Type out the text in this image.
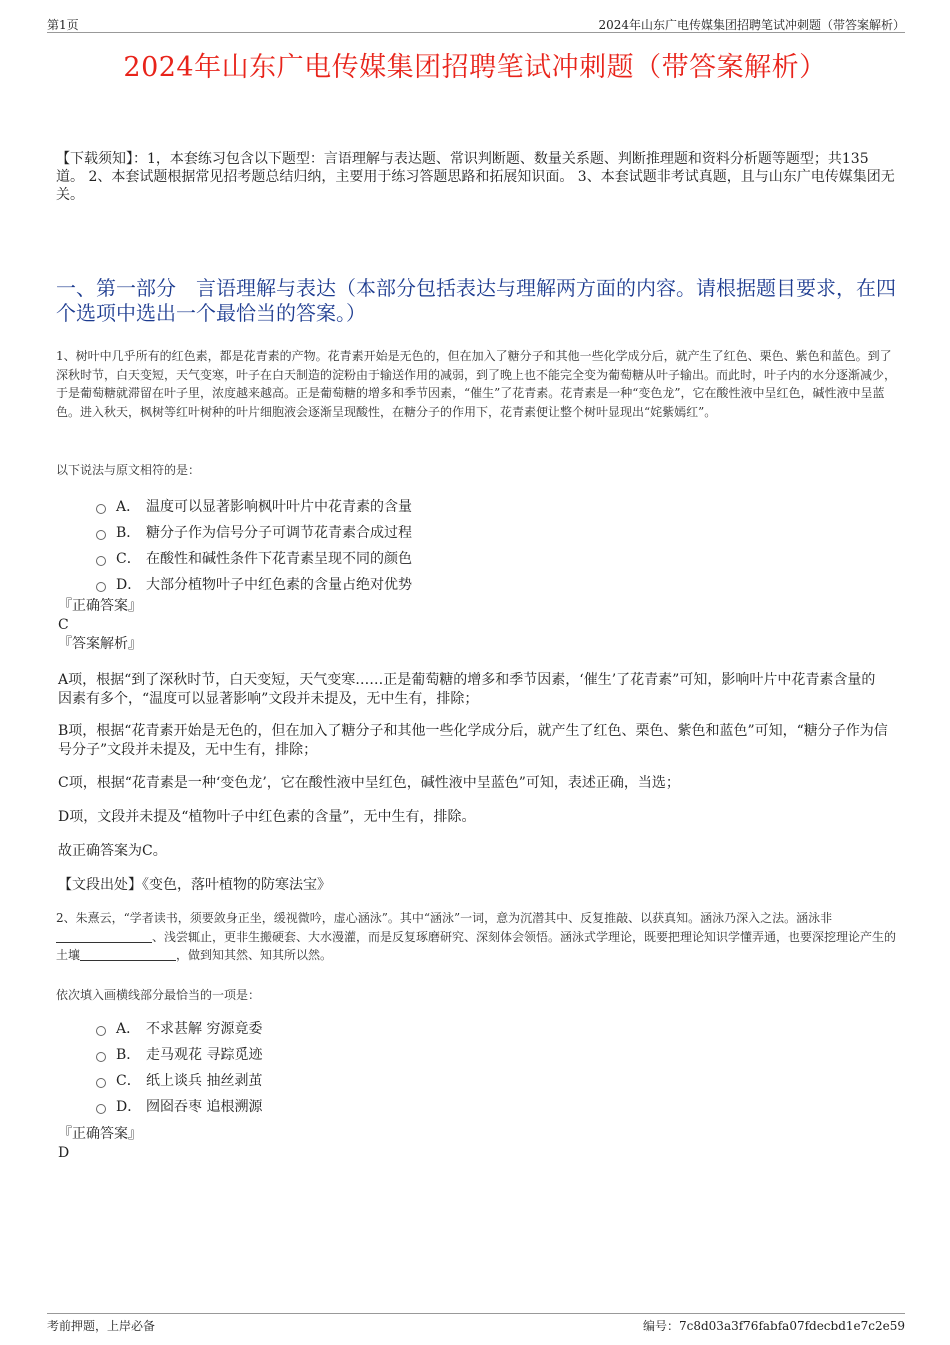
第1页	2024年山东广电传媒集团招聘笔试冲刺题（带答案解析）
2024年山东广电传媒集团招聘笔试冲刺题（带答案解析）
【下载须知】：1，本套练习包含以下题型：言语理解与表达题、常识判断题、数量关系题、判断推理题和资料分析题等题型；共135道。 2、本套试题根据常见招考题总结归纳，主要用于练习答题思路和拓展知识面。 3、本套试题非考试真题，且与山东广电传媒集团无关。
一、第一部分　言语理解与表达（本部分包括表达与理解两方面的内容。请根据题目要求，在四个选项中选出一个最恰当的答案。）
1、树叶中几乎所有的红色素，都是花青素的产物。花青素开始是无色的，但在加入了糖分子和其他一些化学成分后，就产生了红色、栗色、紫色和蓝色。到了深秋时节，白天变短，天气变寒，叶子在白天制造的淀粉由于输送作用的减弱，到了晚上也不能完全变为葡萄糖从叶子输出。而此时，叶子内的水分逐渐减少，于是葡萄糖就滞留在叶子里，浓度越来越高。正是葡萄糖的增多和季节因素，“催生”了花青素。花青素是一种“变色龙”，它在酸性液中呈红色，碱性液中呈蓝色。进入秋天，枫树等红叶树种的叶片细胞液会逐渐呈现酸性，在糖分子的作用下，花青素便让整个树叶显现出“姹紫嫣红”。
以下说法与原文相符的是：
A． 温度可以显著影响枫叶叶片中花青素的含量
B． 糖分子作为信号分子可调节花青素合成过程
C． 在酸性和碱性条件下花青素呈现不同的颜色
D． 大部分植物叶子中红色素的含量占绝对优势
『正确答案』
C
『答案解析』
A项，根据“到了深秋时节，白天变短，天气变寒……正是葡萄糖的增多和季节因素，‘催生’了花青素”可知，影响叶片中花青素含量的因素有多个，“温度可以显著影响”文段并未提及，无中生有，排除；
B项，根据“花青素开始是无色的，但在加入了糖分子和其他一些化学成分后，就产生了红色、栗色、紫色和蓝色”可知，“糖分子作为信号分子”文段并未提及，无中生有，排除；
C项，根据“花青素是一种‘变色龙’，它在酸性液中呈红色，碱性液中呈蓝色”可知，表述正确，当选；
D项，文段并未提及“植物叶子中红色素的含量”，无中生有，排除。
故正确答案为C。
【文段出处】《变色，落叶植物的防寒法宝》
2、朱熹云，“学者读书，须要敛身正坐，缓视微吟，虚心涵泳”。其中“涵泳”一词，意为沉潜其中、反复推敲、以获真知。涵泳乃深入之法。涵泳非、浅尝辄止，更非生搬硬套、大水漫灌，而是反复琢磨研究、深刻体会领悟。涵泳式学理论，既要把理论知识学懂弄通，也要深挖理论产生的土壤	，做到知其然、知其所以然。
依次填入画横线部分最恰当的一项是：
A． 不求甚解 穷源竟委
B． 走马观花 寻踪觅迹
C． 纸上谈兵 抽丝剥茧
D． 囫囵吞枣 追根溯源
『正确答案』
D
考前押题，上岸必备	编号：7c8d03a3f76fabfa07fdecbd1e7c2e59
